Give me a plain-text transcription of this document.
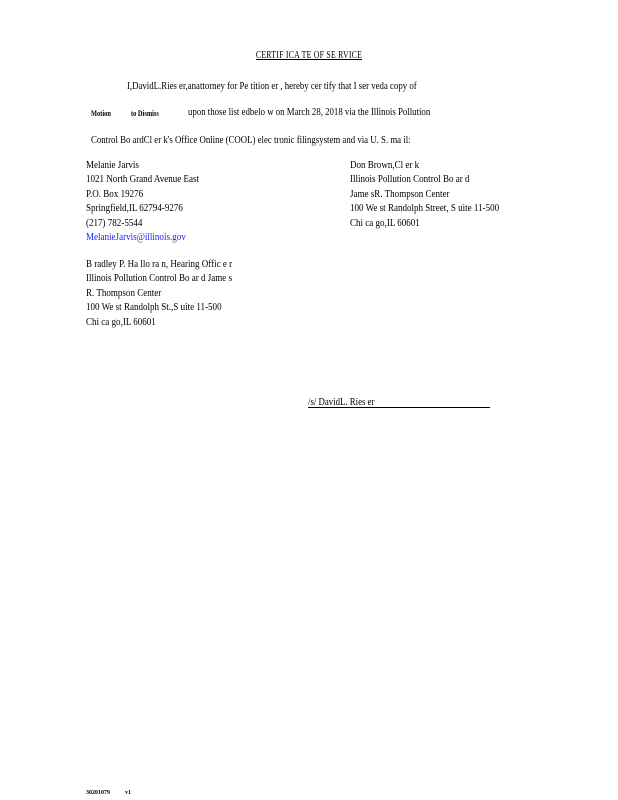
CERTIF ICA TE OF SE RVICE
I,DavidL.Ries er,anattorney for Pe tition er , hereby cer tify that I ser veda copy of
Motion	to Dismiss	upon those list edbelo w on March 28, 2018 via the Illinois Pollution
Control Bo ardCl er k's Office Online (COOL) elec tronic filingsystem and via U. S. ma il:
Melanie Jarvis
1021 North Grand Avenue East
P.O. Box 19276
Springfield,IL 62794-9276
(217) 782-5544
MelanieJarvis@illinois.gov
B radley P. Ha llo ra n, Hearing Offic e r
Illinois Pollution Control Bo ar d Jame s
R. Thompson Center
100 We st Randolph St.,S uite 11-500
Chi ca go,IL 60601
Don Brown,Cl er k
Illinois Pollution Control Bo ar d
Jame sR. Thompson Center
100 We st Randolph Street, S uite 11-500
Chi ca go,IL 60601
/s/ DavidL. Ries er
30201079	v1
